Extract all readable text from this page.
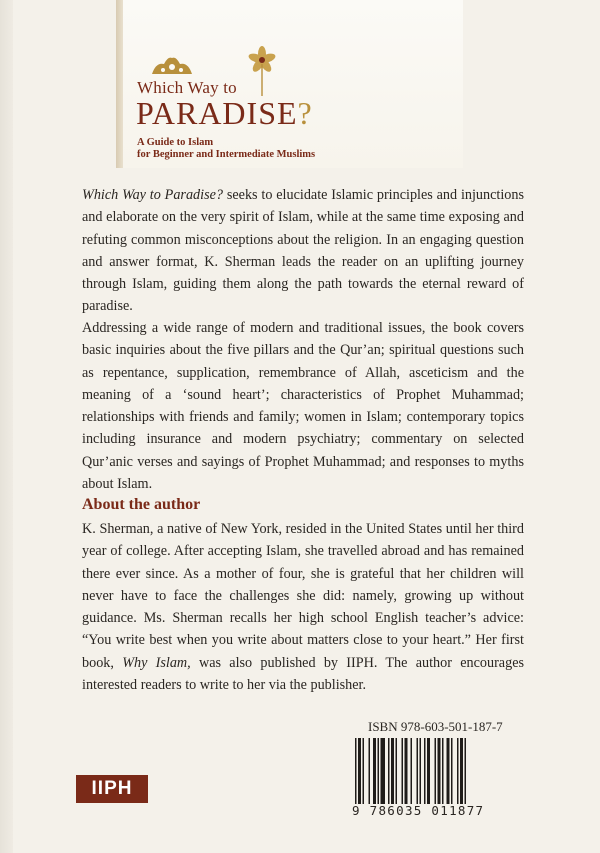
Which Way to
PARADISE?
A Guide to Islam
for Beginner and Intermediate Muslims
Which Way to Paradise? seeks to elucidate Islamic principles and injunctions and elaborate on the very spirit of Islam, while at the same time exposing and refuting common misconceptions about the religion. In an engaging question and answer format, K. Sherman leads the reader on an uplifting journey through Islam, guiding them along the path towards the eternal reward of paradise.
Addressing a wide range of modern and traditional issues, the book covers basic inquiries about the five pillars and the Qur’an; spiritual questions such as repentance, supplication, remembrance of Allah, asceticism and the meaning of a ‘sound heart’; characteristics of Prophet Muhammad; relationships with friends and family; women in Islam; contemporary topics including insurance and modern psychiatry; commentary on selected Qur’anic verses and sayings of Prophet Muhammad; and responses to myths about Islam.
About the author
K. Sherman, a native of New York, resided in the United States until her third year of college. After accepting Islam, she travelled abroad and has remained there ever since. As a mother of four, she is grateful that her children will never have to face the challenges she did: namely, growing up without guidance. Ms. Sherman recalls her high school English teacher’s advice: “You write best when you write about matters close to your heart.” Her first book, Why Islam, was also published by IIPH. The author encourages interested readers to write to her via the publisher.
ISBN 978-603-501-187-7
9 786035 011877
IIPH
